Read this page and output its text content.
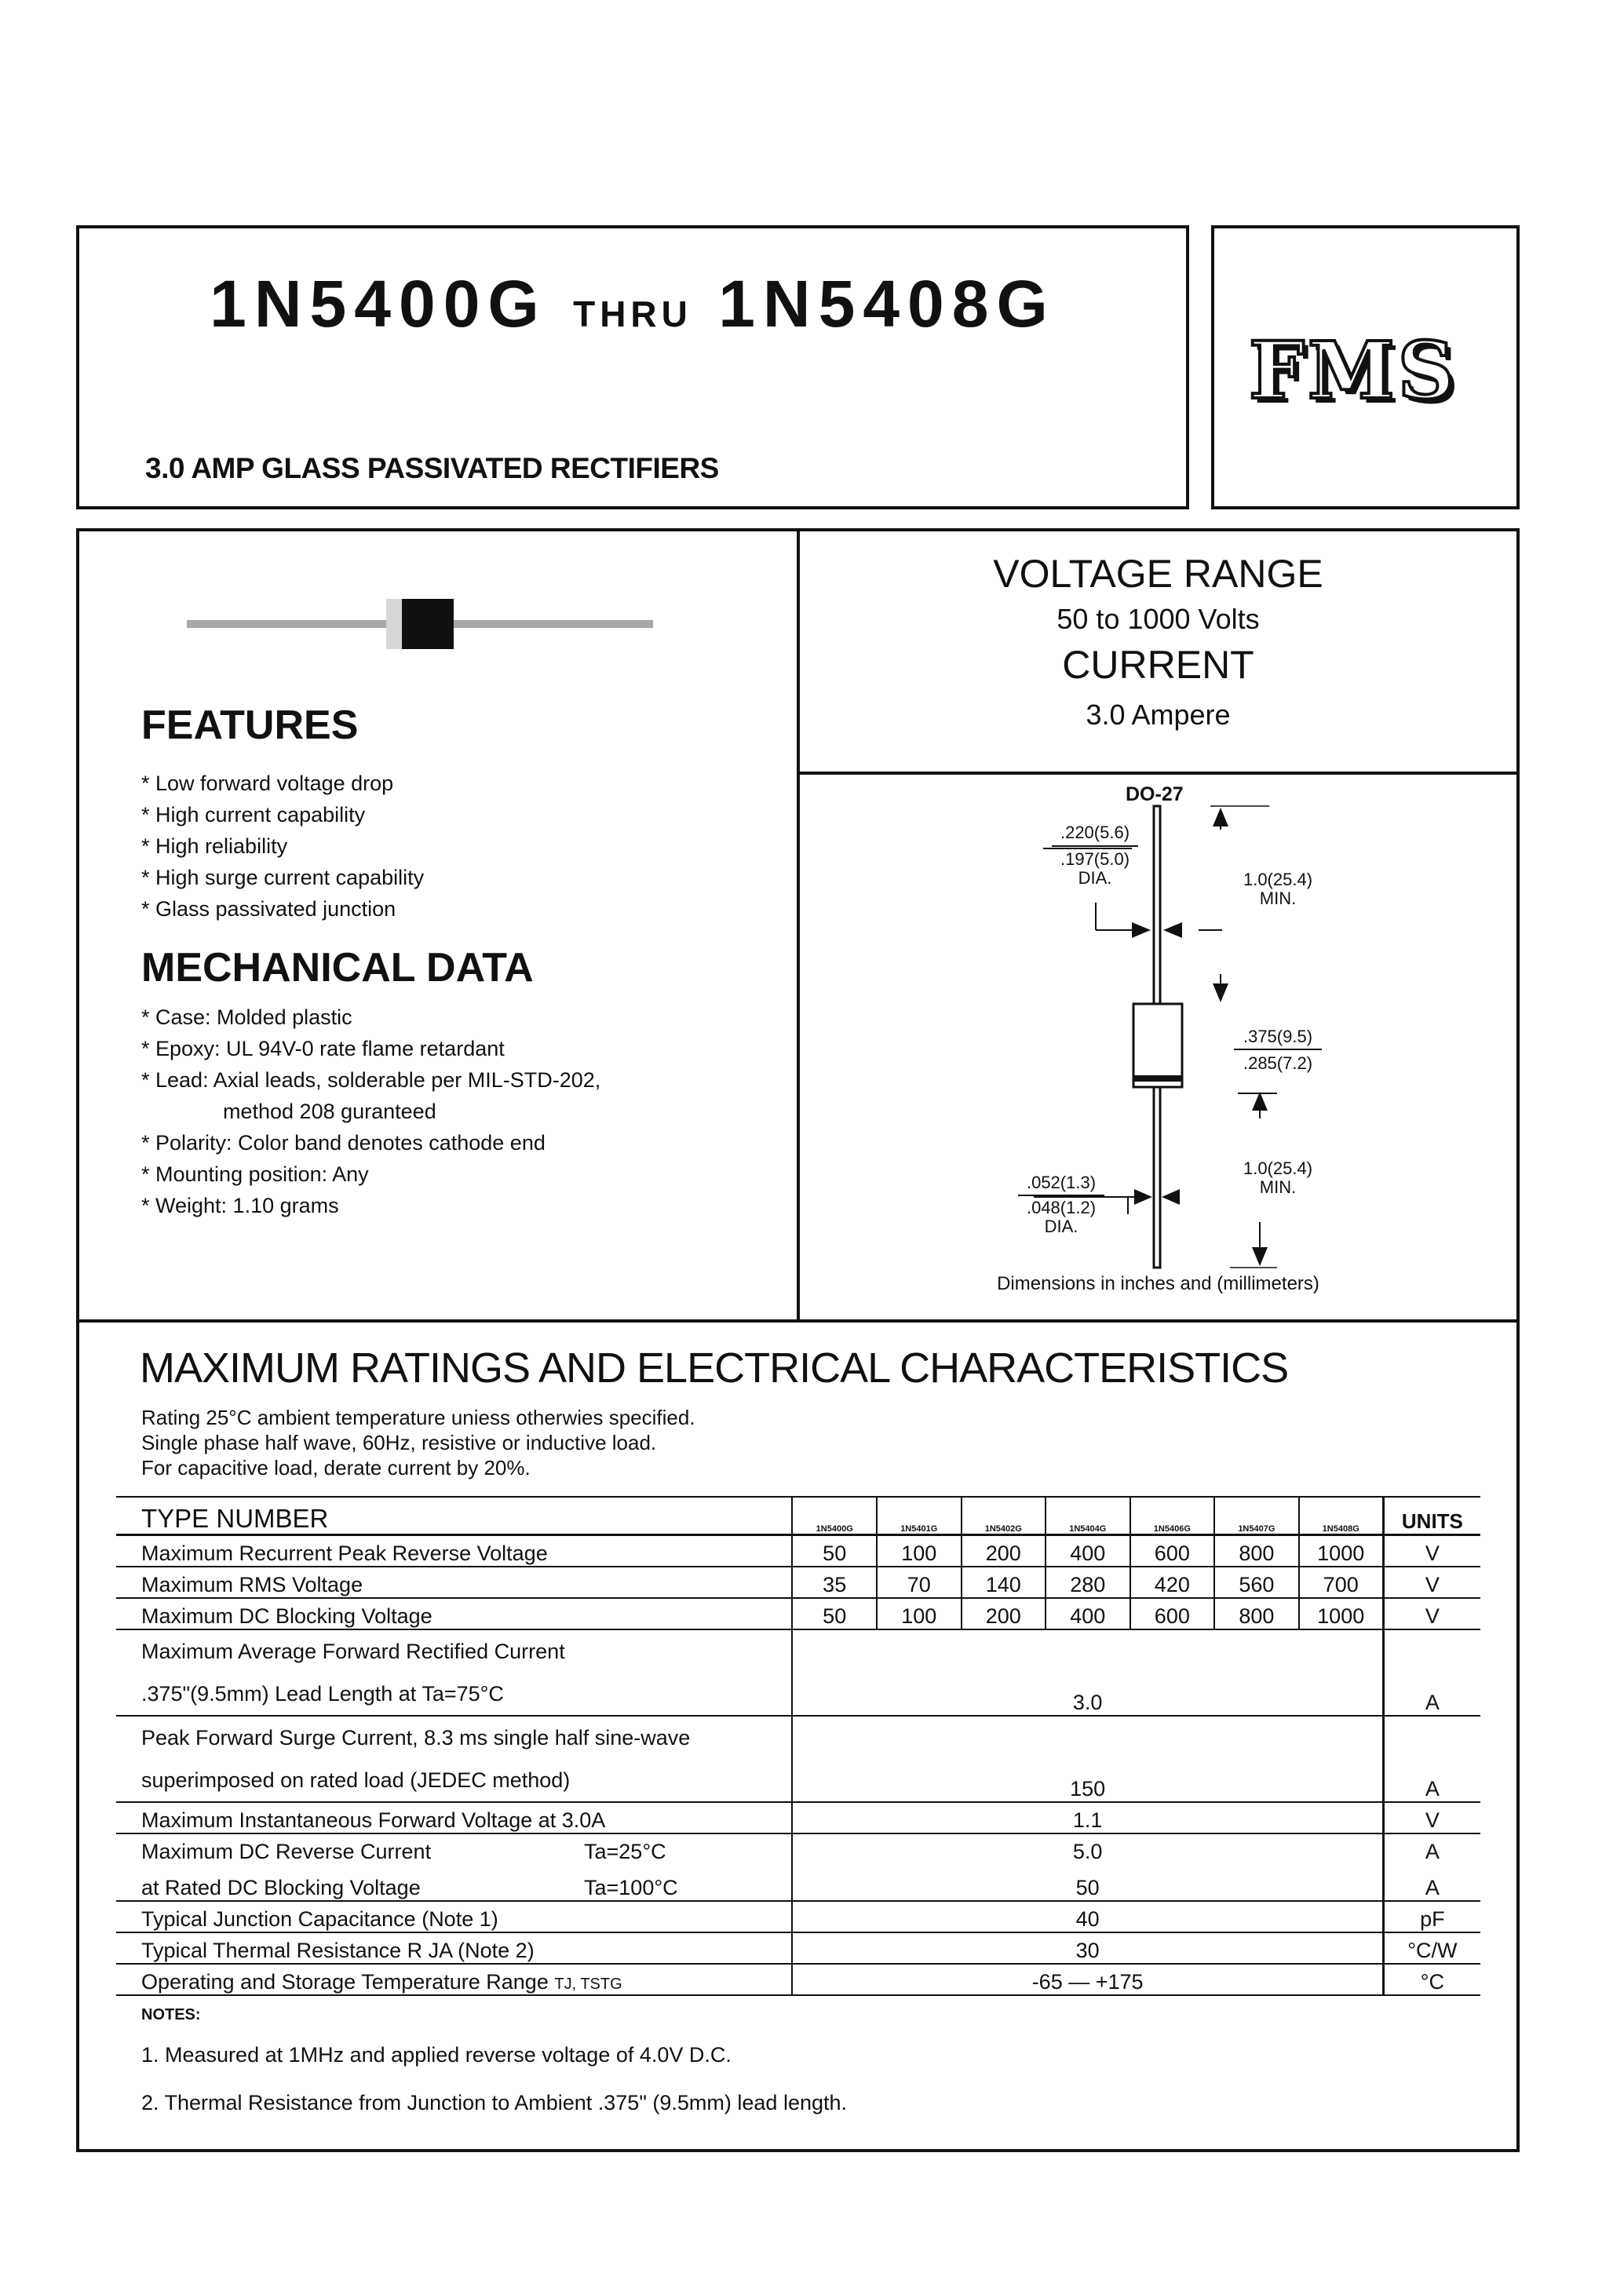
1N5400G THRU 1N5408G
3.0 AMP GLASS PASSIVATED RECTIFIERS
FMS
VOLTAGE RANGE
50 to 1000 Volts
CURRENT
3.0 Ampere
FEATURES
* Low forward voltage drop
* High current capability
* High reliability
* High surge current capability
* Glass passivated junction
MECHANICAL DATA
* Case: Molded plastic
* Epoxy: UL 94V-0 rate flame retardant
* Lead: Axial leads, solderable per MIL-STD-202,
method 208 guranteed
* Polarity: Color band denotes cathode end
* Mounting position: Any
* Weight: 1.10 grams
DO-27
.220(5.6)
.197(5.0)
DIA.	1.0(25.4)
MIN.
.375(9.5)
.285(7.2)
1.0(25.4)
MIN.
.052(1.3)
.048(1.2)
DIA.
Dimensions in inches and (millimeters)
MAXIMUM RATINGS AND ELECTRICAL CHARACTERISTICS
Rating 25°C ambient temperature uniess otherwies specified.
Single phase half wave, 60Hz, resistive or inductive load.
For capacitive load, derate current by 20%.
TYPE NUMBER	1N5400G	1N5401G	1N5402G	1N5404G	1N5406G	1N5407G	1N5408G	UNITS
Maximum Recurrent Peak Reverse Voltage	50	100	200	400	600	800	1000	V
Maximum RMS Voltage	35	70	140	280	420	560	700	V
Maximum DC Blocking Voltage	50	100	200	400	600	800	1000	V

Maximum Average Forward Rectified Current
.375"(9.5mm) Lead Length at Ta=75°C	3.0							A

Peak Forward Surge Current, 8.3 ms single half sine-wave
superimposed on rated load (JEDEC method)	150							A
Maximum Instantaneous Forward Voltage at 3.0A	1.1							V
Maximum DC Reverse Current Ta=25°C	5.0							A
at Rated DC Blocking Voltage Ta=100°C	50							A
Typical Junction Capacitance (Note 1)	40							pF
Typical Thermal Resistance R JA (Note 2)	30							°C/W
Operating and Storage Temperature Range TJ, TSTG	-65 — +175							°C
NOTES:
1. Measured at 1MHz and applied reverse voltage of 4.0V D.C.
2. Thermal Resistance from Junction to Ambient .375" (9.5mm) lead length.
